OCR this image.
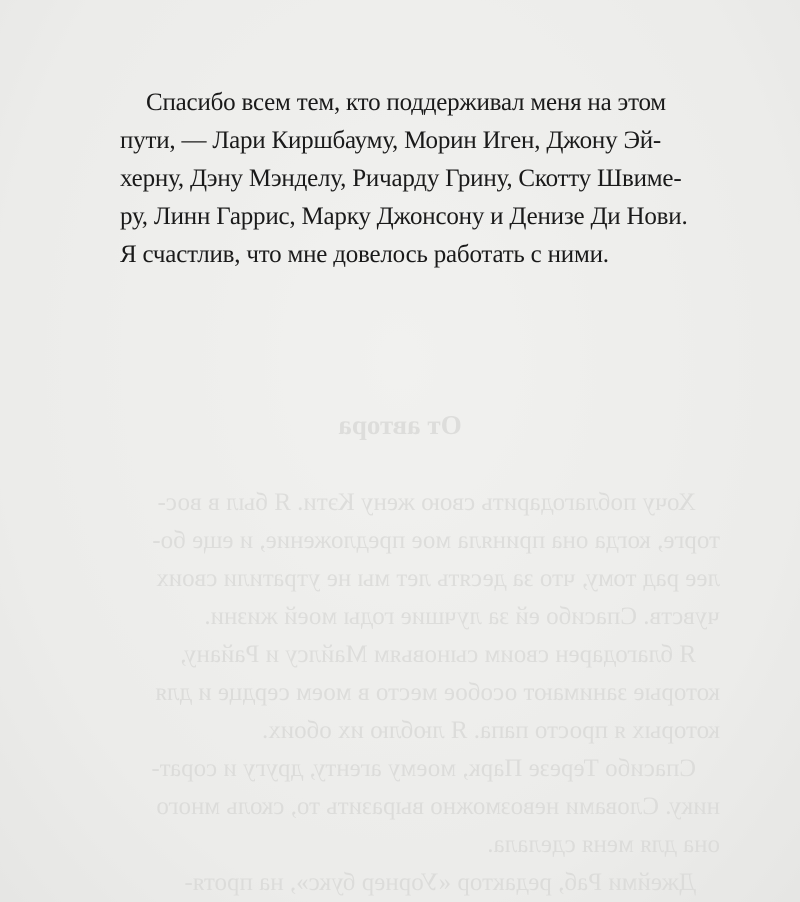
От автора
Хочу поблагодарить свою жену Кэти. Я был в вос-
торге, когда она приняла мое предложение, и еще бо-
лее рад тому, что за десять лет мы не утратили своих
чувств. Спасибо ей за лучшие годы моей жизни.
Я благодарен своим сыновьям Майлсу и Райану,
которые занимают особое место в моем сердце и для
которых я просто папа. Я люблю их обоих.
Спасибо Терезе Парк, моему агенту, другу и сорат-
нику. Словами невозможно выразить то, сколь много
она для меня сделала.
Джейми Раб, редактор «Уорнер букс», на протя-
Спасибо всем тем, кто поддерживал меня на этом
пути, — Лари Киршбауму, Морин Иген, Джону Эй-
херну, Дэну Мэнделу, Ричарду Грину, Скотту Швиме-
ру, Линн Гаррис, Марку Джонсону и Денизе Ди Нови.
Я счастлив, что мне довелось работать с ними.
